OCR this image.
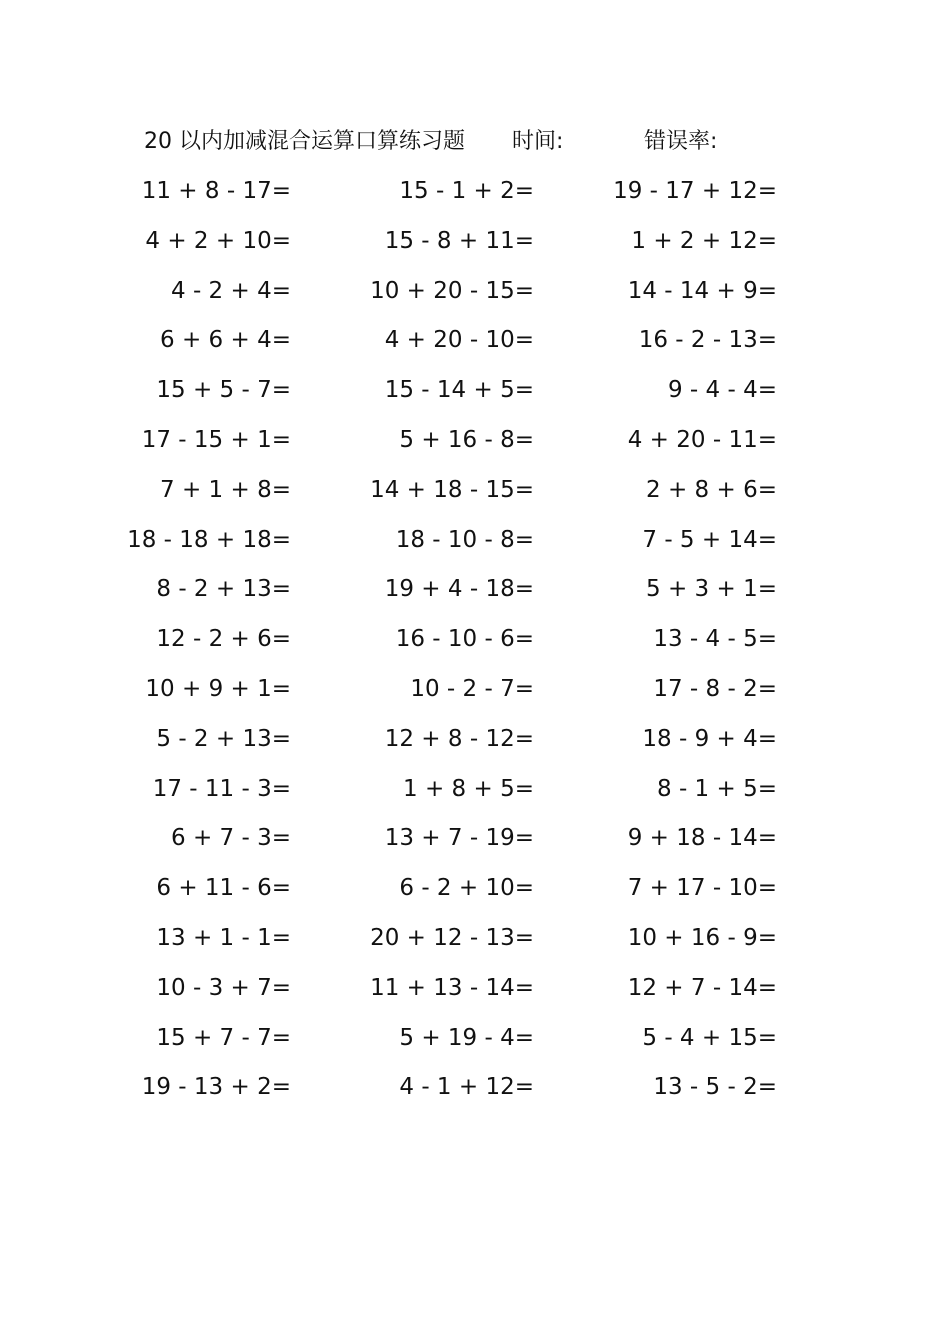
20 以内加减混合运算口算练习题 时间:	错误率:
11 + 8 - 17=	15 - 1 + 2=	19 - 17 + 12=
4 + 2 + 10=	15 - 8 + 11=	1 + 2 + 12=
4 - 2 + 4=	10 + 20 - 15=	14 - 14 + 9=
6 + 6 + 4=	4 + 20 - 10=	16 - 2 - 13=
15 + 5 - 7=	15 - 14 + 5=	9 - 4 - 4=
17 - 15 + 1=	5 + 16 - 8=	4 + 20 - 11=
7 + 1 + 8=	14 + 18 - 15=	2 + 8 + 6=
18 - 18 + 18=	18 - 10 - 8=	7 - 5 + 14=
8 - 2 + 13=	19 + 4 - 18=	5 + 3 + 1=
12 - 2 + 6=	16 - 10 - 6=	13 - 4 - 5=
10 + 9 + 1=	10 - 2 - 7=	17 - 8 - 2=
5 - 2 + 13=	12 + 8 - 12=	18 - 9 + 4=
17 - 11 - 3=	1 + 8 + 5=	8 - 1 + 5=
6 + 7 - 3=	13 + 7 - 19=	9 + 18 - 14=
6 + 11 - 6=	6 - 2 + 10=	7 + 17 - 10=
13 + 1 - 1=	20 + 12 - 13=	10 + 16 - 9=
10 - 3 + 7=	11 + 13 - 14=	12 + 7 - 14=
15 + 7 - 7=	5 + 19 - 4=	5 - 4 + 15=
19 - 13 + 2=	4 - 1 + 12=	13 - 5 - 2=
